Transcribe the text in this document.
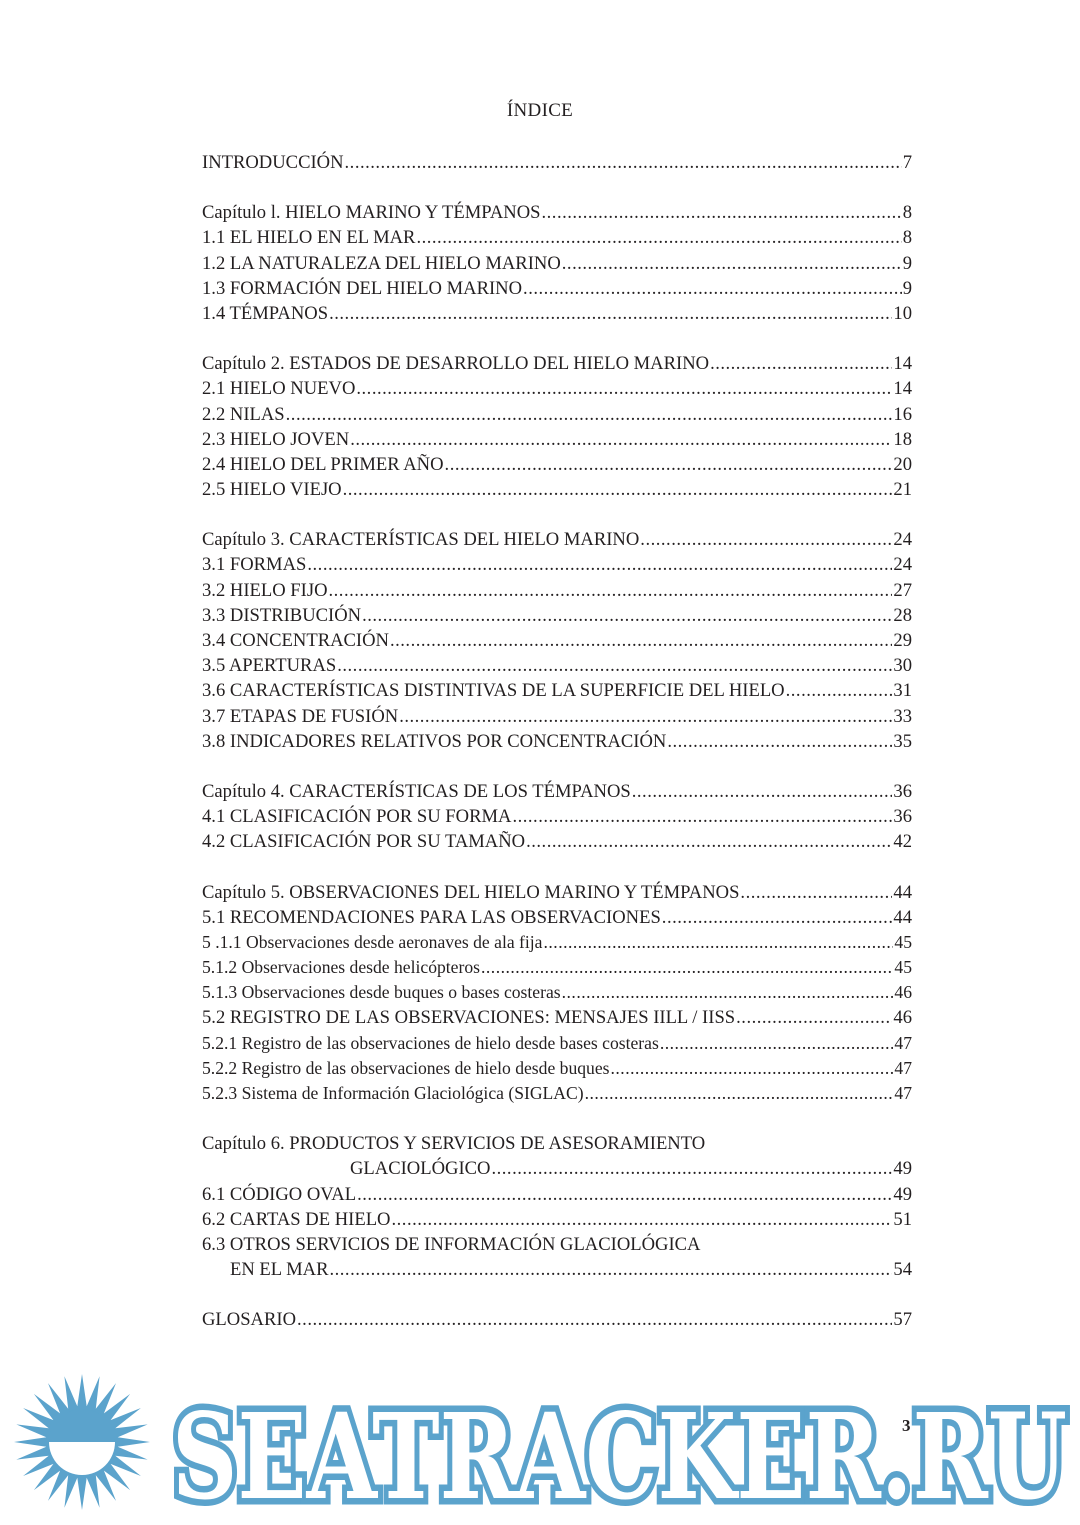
ÍNDICE
INTRODUCCIÓN .....	7
Capítulo l. HIELO MARINO Y TÉMPANOS .....	8
1.1 EL HIELO EN EL MAR .....	8
1.2 LA NATURALEZA DEL HIELO MARINO .....	9
1.3 FORMACIÓN DEL HIELO MARINO .....	9
1.4 TÉMPANOS .....	10
Capítulo 2. ESTADOS DE DESARROLLO DEL HIELO MARINO .....	14
2.1 HIELO NUEVO .....	14
2.2 NILAS .....	16
2.3 HIELO JOVEN .....	18
2.4 HIELO DEL PRIMER AÑO .....	20
2.5 HIELO VIEJO .....	21
Capítulo 3. CARACTERÍSTICAS DEL HIELO MARINO .....	24
3.1 FORMAS .....	24
3.2 HIELO FIJO .....	27
3.3 DISTRIBUCIÓN .....	28
3.4 CONCENTRACIÓN .....	29
3.5 APERTURAS .....	30
3.6 CARACTERÍSTICAS DISTINTIVAS DE LA SUPERFICIE DEL HIELO .....	31
3.7 ETAPAS DE FUSIÓN .....	33
3.8 INDICADORES RELATIVOS POR CONCENTRACIÓN .....	35
Capítulo 4. CARACTERÍSTICAS DE LOS TÉMPANOS .....	36
4.1 CLASIFICACIÓN POR SU FORMA .....	36
4.2 CLASIFICACIÓN POR SU TAMAÑO .....	42
Capítulo 5. OBSERVACIONES DEL HIELO MARINO Y TÉMPANOS .....	44
5.1 RECOMENDACIONES PARA LAS OBSERVACIONES .....	44
5 .1.1 Observaciones desde aeronaves de ala fija .....	45
5.1.2 Observaciones desde helicópteros .....	45
5.1.3 Observaciones desde buques o bases costeras .....	46
5.2 REGISTRO DE LAS OBSERVACIONES: MENSAJES IILL / IISS .....	46
5.2.1 Registro de las observaciones de hielo desde bases costeras .....	47
5.2.2 Registro de las observaciones de hielo desde buques .....	47
5.2.3 Sistema de Información Glaciológica (SIGLAC) .....	47
Capítulo 6. PRODUCTOS Y SERVICIOS DE ASESORAMIENTO
GLACIOLÓGICO .....	49
6.1 CÓDIGO OVAL .....	49
6.2 CARTAS DE HIELO .....	51
6.3 OTROS SERVICIOS DE INFORMACIÓN GLACIOLÓGICA
EN EL MAR .....	54
GLOSARIO .....	57
SEATRACKER.RU
3
